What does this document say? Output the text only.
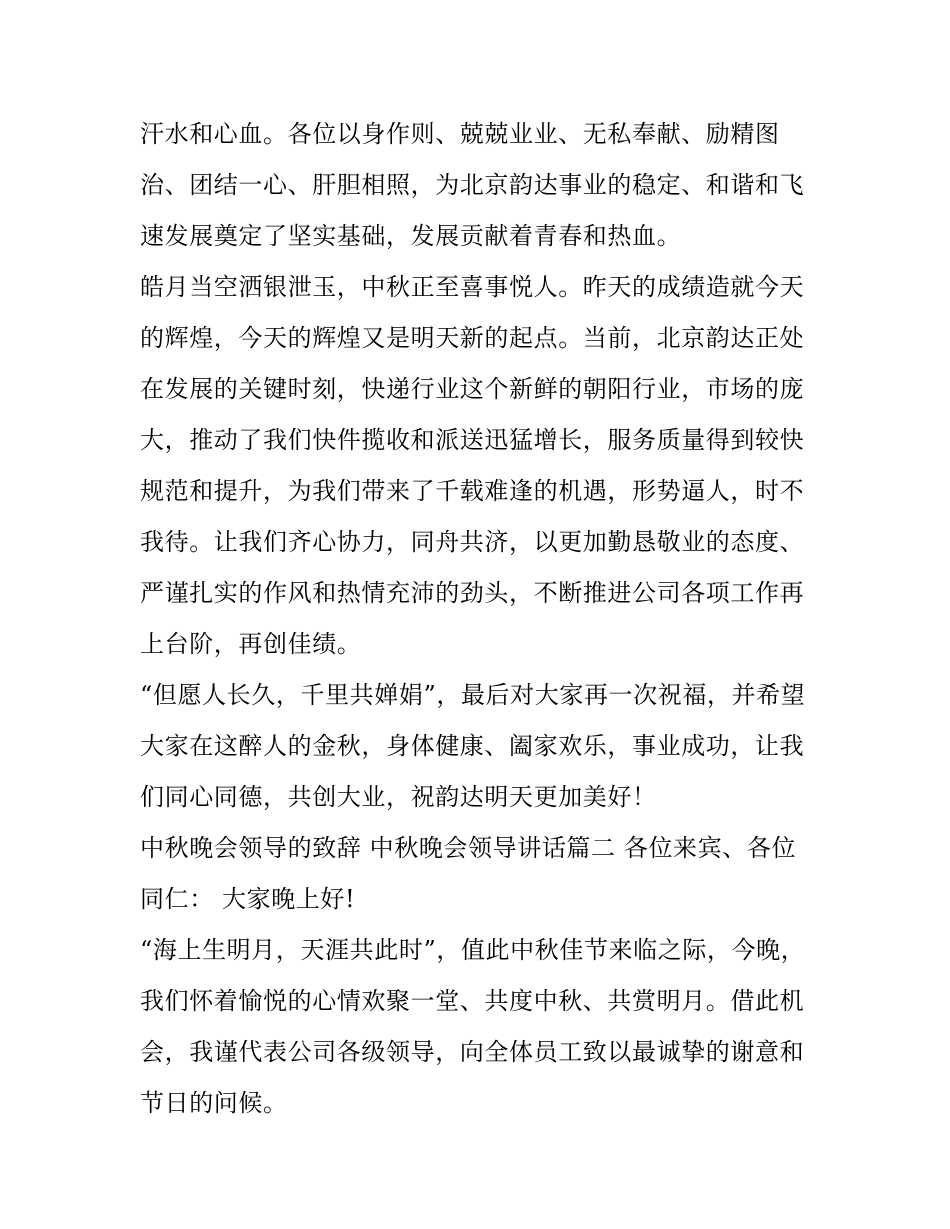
汗水和心血。各位以身作则、兢兢业业、无私奉献、励精图
治、团结一心、肝胆相照，为北京韵达事业的稳定、和谐和飞
速发展奠定了坚实基础，发展贡献着青春和热血。
皓月当空洒银泄玉，中秋正至喜事悦人。昨天的成绩造就今天
的辉煌，今天的辉煌又是明天新的起点。当前，北京韵达正处
在发展的关键时刻，快递行业这个新鲜的朝阳行业，市场的庞
大，推动了我们快件揽收和派送迅猛增长，服务质量得到较快
规范和提升，为我们带来了千载难逢的机遇，形势逼人，时不
我待。让我们齐心协力，同舟共济，以更加勤恳敬业的态度、
严谨扎实的作风和热情充沛的劲头，不断推进公司各项工作再
上台阶，再创佳绩。
“但愿人长久，千里共婵娟”，最后对大家再一次祝福，并希望
大家在这醉人的金秋，身体健康、阖家欢乐，事业成功，让我
们同心同德，共创大业，祝韵达明天更加美好！
中秋晚会领导的致辞 中秋晚会领导讲话篇二 各位来宾、各位
同仁： 大家晚上好!
“海上生明月，天涯共此时”，值此中秋佳节来临之际，今晚，
我们怀着愉悦的心情欢聚一堂、共度中秋、共赏明月。借此机
会，我谨代表公司各级领导，向全体员工致以最诚挚的谢意和
节日的问候。
